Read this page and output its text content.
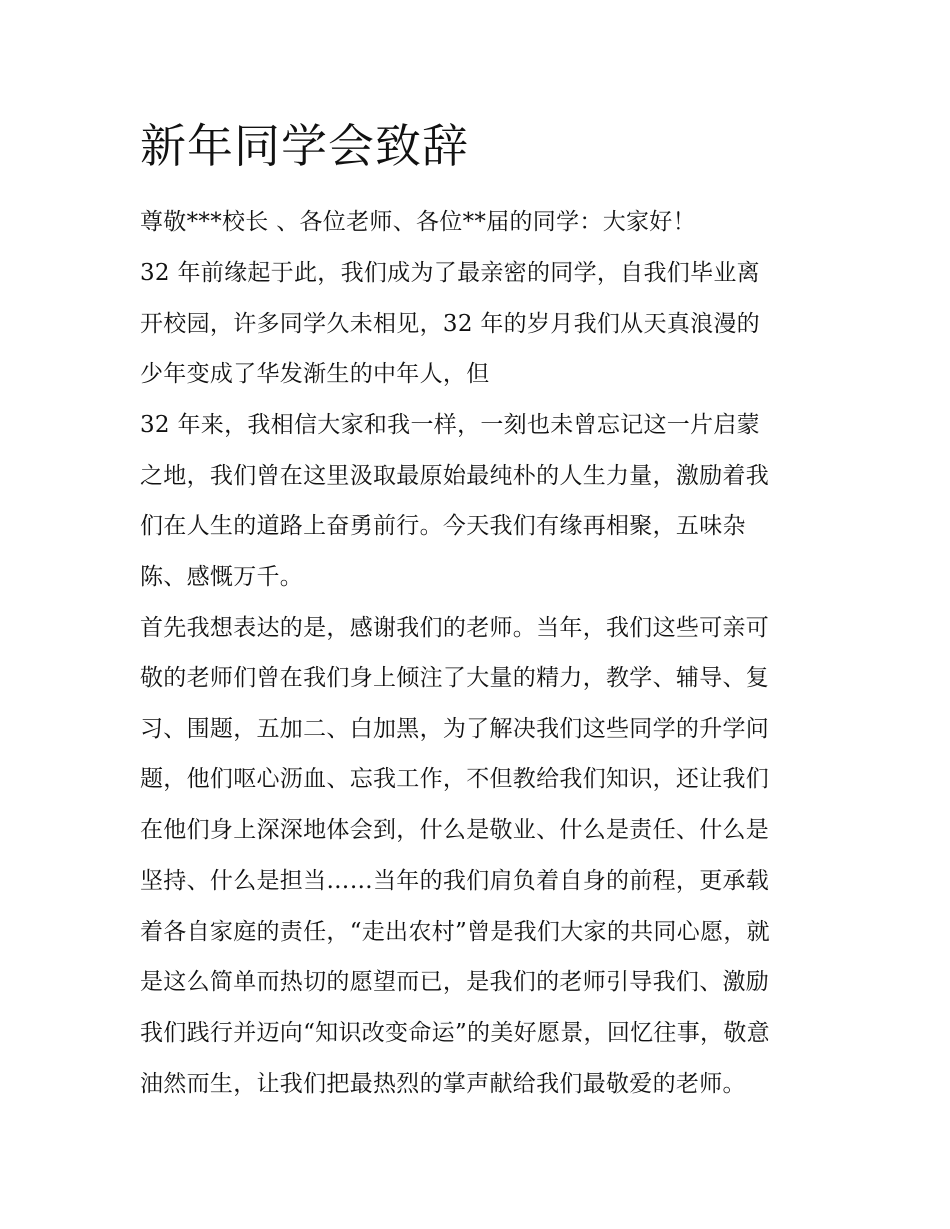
新年同学会致辞

尊敬***校长 、各位老师、各位**届的同学：大家好！

32 年前缘起于此，我们成为了最亲密的同学，自我们毕业离

开校园，许多同学久未相见，32 年的岁月我们从天真浪漫的

少年变成了华发渐生的中年人，但

32 年来，我相信大家和我一样，一刻也未曾忘记这一片启蒙

之地，我们曾在这里汲取最原始最纯朴的人生力量，激励着我

们在人生的道路上奋勇前行。今天我们有缘再相聚，五味杂

陈、感慨万千。

首先我想表达的是，感谢我们的老师。当年，我们这些可亲可

敬的老师们曾在我们身上倾注了大量的精力，教学、辅导、复

习、围题，五加二、白加黑，为了解决我们这些同学的升学问

题，他们呕心沥血、忘我工作，不但教给我们知识，还让我们

在他们身上深深地体会到，什么是敬业、什么是责任、什么是

坚持、什么是担当……当年的我们肩负着自身的前程，更承载

着各自家庭的责任，“走出农村”曾是我们大家的共同心愿，就

是这么简单而热切的愿望而已，是我们的老师引导我们、激励

我们践行并迈向“知识改变命运”的美好愿景，回忆往事，敬意

油然而生，让我们把最热烈的掌声献给我们最敬爱的老师。
